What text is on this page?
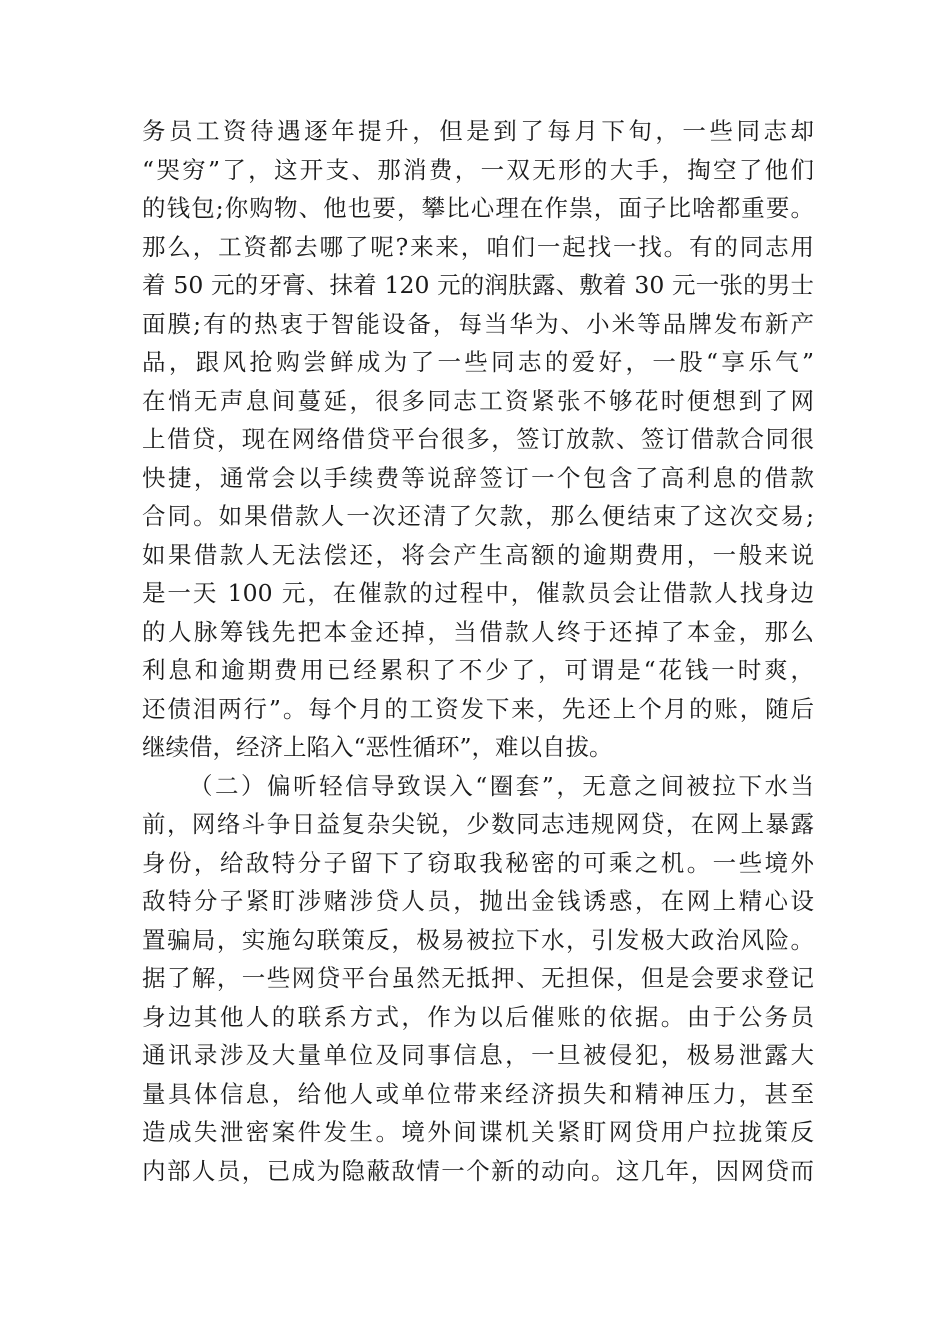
务员工资待遇逐年提升，但是到了每月下旬，一些同志却
“哭穷”了，这开支、那消费，一双无形的大手，掏空了他们
的钱包;你购物、他也要，攀比心理在作祟，面子比啥都重要。
那么，工资都去哪了呢?来来，咱们一起找一找。有的同志用
着 50 元的牙膏、抹着 120 元的润肤露、敷着 30 元一张的男士
面膜;有的热衷于智能设备，每当华为、小米等品牌发布新产
品，跟风抢购尝鲜成为了一些同志的爱好，一股“享乐气”
在悄无声息间蔓延，很多同志工资紧张不够花时便想到了网
上借贷，现在网络借贷平台很多，签订放款、签订借款合同很
快捷，通常会以手续费等说辞签订一个包含了高利息的借款
合同。如果借款人一次还清了欠款，那么便结束了这次交易;
如果借款人无法偿还，将会产生高额的逾期费用，一般来说
是一天 100 元，在催款的过程中，催款员会让借款人找身边
的人脉筹钱先把本金还掉，当借款人终于还掉了本金，那么
利息和逾期费用已经累积了不少了，可谓是“花钱一时爽，
还债泪两行”。每个月的工资发下来，先还上个月的账，随后
继续借，经济上陷入“恶性循环”，难以自拔。
（二）偏听轻信导致误入“圈套”，无意之间被拉下水当
前，网络斗争日益复杂尖锐，少数同志违规网贷，在网上暴露
身份，给敌特分子留下了窃取我秘密的可乘之机。一些境外
敌特分子紧盯涉赌涉贷人员，抛出金钱诱惑，在网上精心设
置骗局，实施勾联策反，极易被拉下水，引发极大政治风险。
据了解，一些网贷平台虽然无抵押、无担保，但是会要求登记
身边其他人的联系方式，作为以后催账的依据。由于公务员
通讯录涉及大量单位及同事信息，一旦被侵犯，极易泄露大
量具体信息，给他人或单位带来经济损失和精神压力，甚至
造成失泄密案件发生。境外间谍机关紧盯网贷用户拉拢策反
内部人员，已成为隐蔽敌情一个新的动向。这几年，因网贷而
